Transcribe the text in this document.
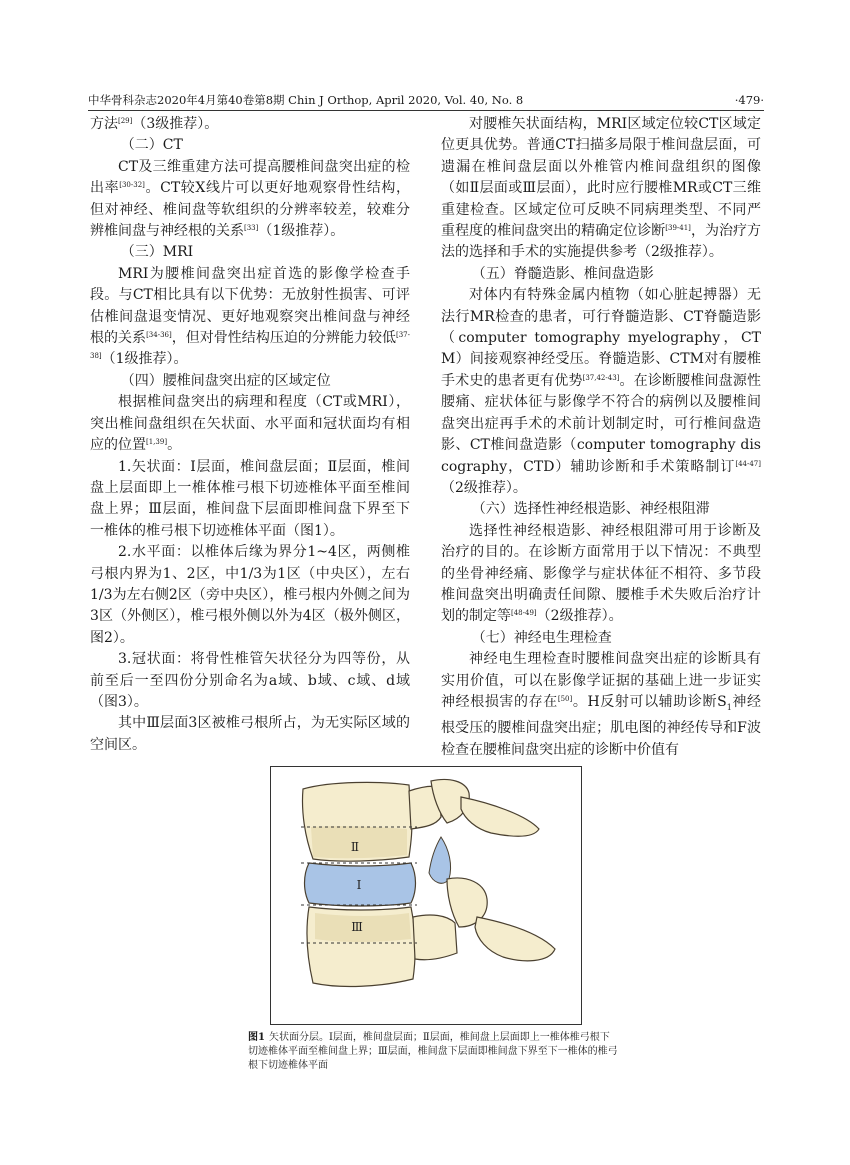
中华骨科杂志2020年4月第40卷第8期 Chin J Orthop, April 2020, Vol. 40, No. 8	·479·

方法[29]（3级推荐）。

（二）CT

CT及三维重建方法可提高腰椎间盘突出症的检出率[30-32]。CT较X线片可以更好地观察骨性结构，但对神经、椎间盘等软组织的分辨率较差，较难分辨椎间盘与神经根的关系[33]（1级推荐）。

（三）MRI

MRI为腰椎间盘突出症首选的影像学检查手段。与CT相比具有以下优势：无放射性损害、可评估椎间盘退变情况、更好地观察突出椎间盘与神经根的关系[34-36]，但对骨性结构压迫的分辨能力较低[37-38]（1级推荐）。

（四）腰椎间盘突出症的区域定位

根据椎间盘突出的病理和程度（CT或MRI），突出椎间盘组织在矢状面、水平面和冠状面均有相应的位置[1,39]。

1.矢状面：Ⅰ层面，椎间盘层面；Ⅱ层面，椎间盘上层面即上一椎体椎弓根下切迹椎体平面至椎间盘上界；Ⅲ层面，椎间盘下层面即椎间盘下界至下一椎体的椎弓根下切迹椎体平面（图1）。

2.水平面：以椎体后缘为界分1~4区，两侧椎弓根内界为1、2区，中1/3为1区（中央区），左右1/3为左右侧2区（旁中央区），椎弓根内外侧之间为3区（外侧区），椎弓根外侧以外为4区（极外侧区，图2）。

3.冠状面：将骨性椎管矢状径分为四等份，从前至后一至四份分别命名为a域、b域、c域、d域（图3）。

其中Ⅲ层面3区被椎弓根所占，为无实际区域的空间区。

对腰椎矢状面结构，MRI区域定位较CT区域定位更具优势。普通CT扫描多局限于椎间盘层面，可遗漏在椎间盘层面以外椎管内椎间盘组织的图像（如Ⅱ层面或Ⅲ层面），此时应行腰椎MR或CT三维重建检查。区域定位可反映不同病理类型、不同严重程度的椎间盘突出的精确定位诊断[39-41]，为治疗方法的选择和手术的实施提供参考（2级推荐）。

（五）脊髓造影、椎间盘造影

对体内有特殊金属内植物（如心脏起搏器）无法行MR检查的患者，可行脊髓造影、CT脊髓造影（computer tomography myelography，CTM）间接观察神经受压。脊髓造影、CTM对有腰椎手术史的患者更有优势[37,42-43]。在诊断腰椎间盘源性腰痛、症状体征与影像学不符合的病例以及腰椎间盘突出症再手术的术前计划制定时，可行椎间盘造影、CT椎间盘造影（computer tomography discography，CTD）辅助诊断和手术策略制订[44-47]（2级推荐）。

（六）选择性神经根造影、神经根阻滞

选择性神经根造影、神经根阻滞可用于诊断及治疗的目的。在诊断方面常用于以下情况：不典型的坐骨神经痛、影像学与症状体征不相符、多节段椎间盘突出明确责任间隙、腰椎手术失败后治疗计划的制定等[48-49]（2级推荐）。

（七）神经电生理检查

神经电生理检查时腰椎间盘突出症的诊断具有实用价值，可以在影像学证据的基础上进一步证实神经根损害的存在[50]。H反射可以辅助诊断$S_1$神经根受压的腰椎间盘突出症；肌电图的神经传导和F波检查在腰椎间盘突出症的诊断中价值有

Ⅱ
Ⅰ
Ⅲ
图1 矢状面分层。Ⅰ层面，椎间盘层面；Ⅱ层面，椎间盘上层面即上一椎体椎弓根下切迹椎体平面至椎间盘上界；Ⅲ层面，椎间盘下层面即椎间盘下界至下一椎体的椎弓根下切迹椎体平面
